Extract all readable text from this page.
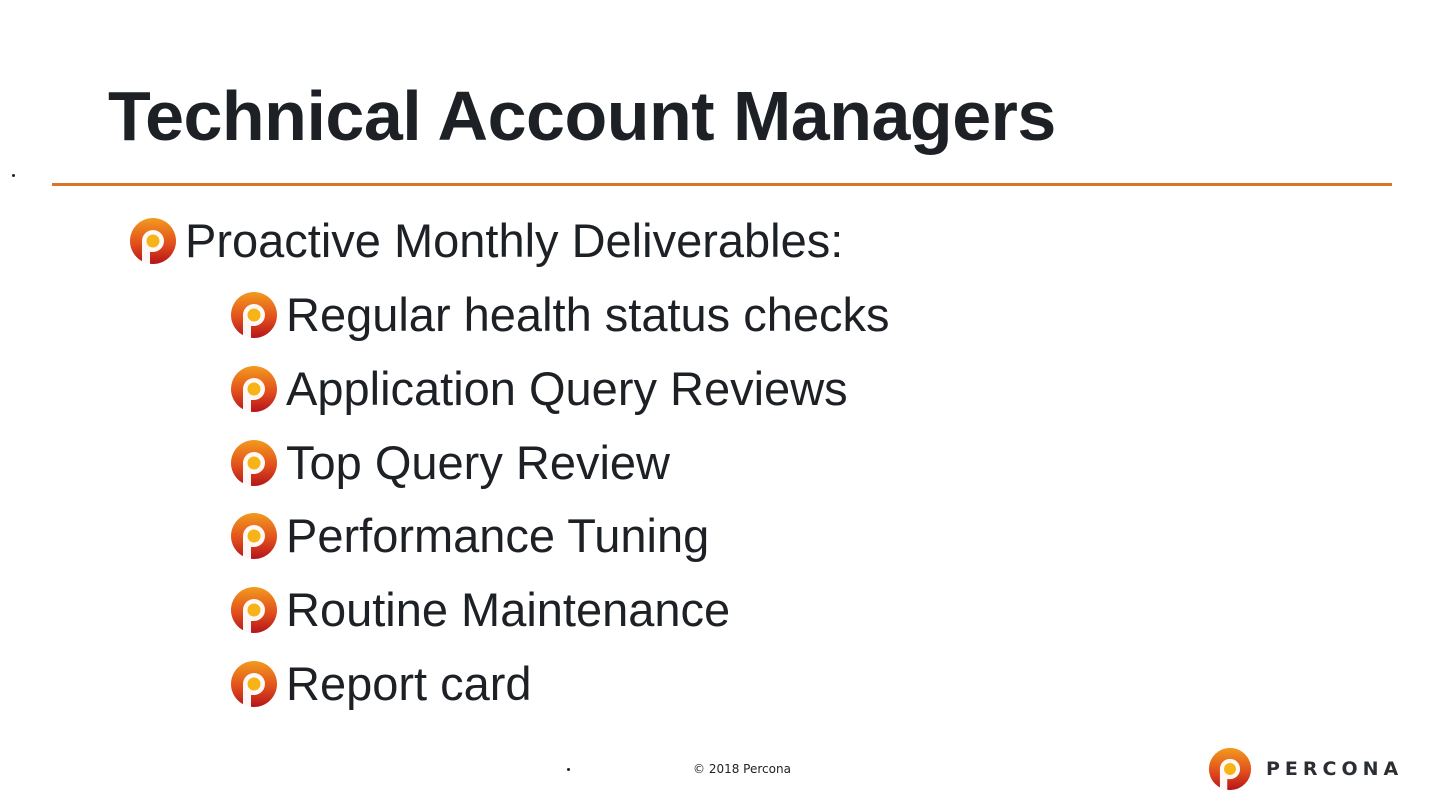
Technical Account Managers
Proactive Monthly Deliverables:
Regular health status checks
Application Query Reviews
Top Query Review
Performance Tuning
Routine Maintenance
Report card
© 2018 Percona	PERCONA
